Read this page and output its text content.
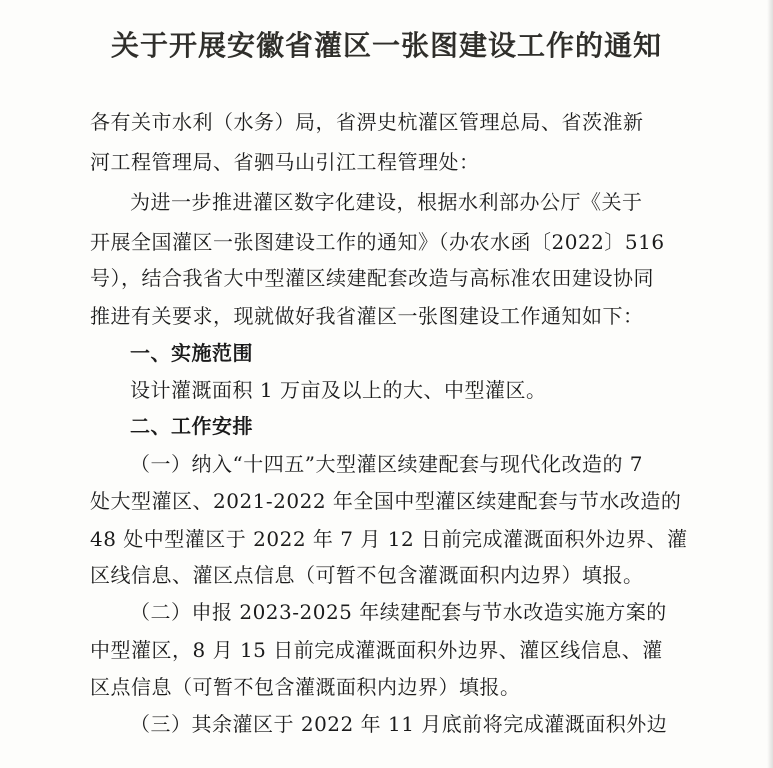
关于开展安徽省灌区一张图建设工作的通知
各有关市水利（水务）局，省淠史杭灌区管理总局、省茨淮新
河工程管理局、省驷马山引江工程管理处：
为进一步推进灌区数字化建设，根据水利部办公厅《关于
开展全国灌区一张图建设工作的通知》（办农水函〔2022〕516
号），结合我省大中型灌区续建配套改造与高标准农田建设协同
推进有关要求，现就做好我省灌区一张图建设工作通知如下：
一、实施范围
设计灌溉面积 1 万亩及以上的大、中型灌区。
二、工作安排
（一）纳入“十四五”大型灌区续建配套与现代化改造的 7
处大型灌区、2021-2022 年全国中型灌区续建配套与节水改造的
48 处中型灌区于 2022 年 7 月 12 日前完成灌溉面积外边界、灌
区线信息、灌区点信息（可暂不包含灌溉面积内边界）填报。
（二）申报 2023-2025 年续建配套与节水改造实施方案的
中型灌区，8 月 15 日前完成灌溉面积外边界、灌区线信息、灌
区点信息（可暂不包含灌溉面积内边界）填报。
（三）其余灌区于 2022 年 11 月底前将完成灌溉面积外边
